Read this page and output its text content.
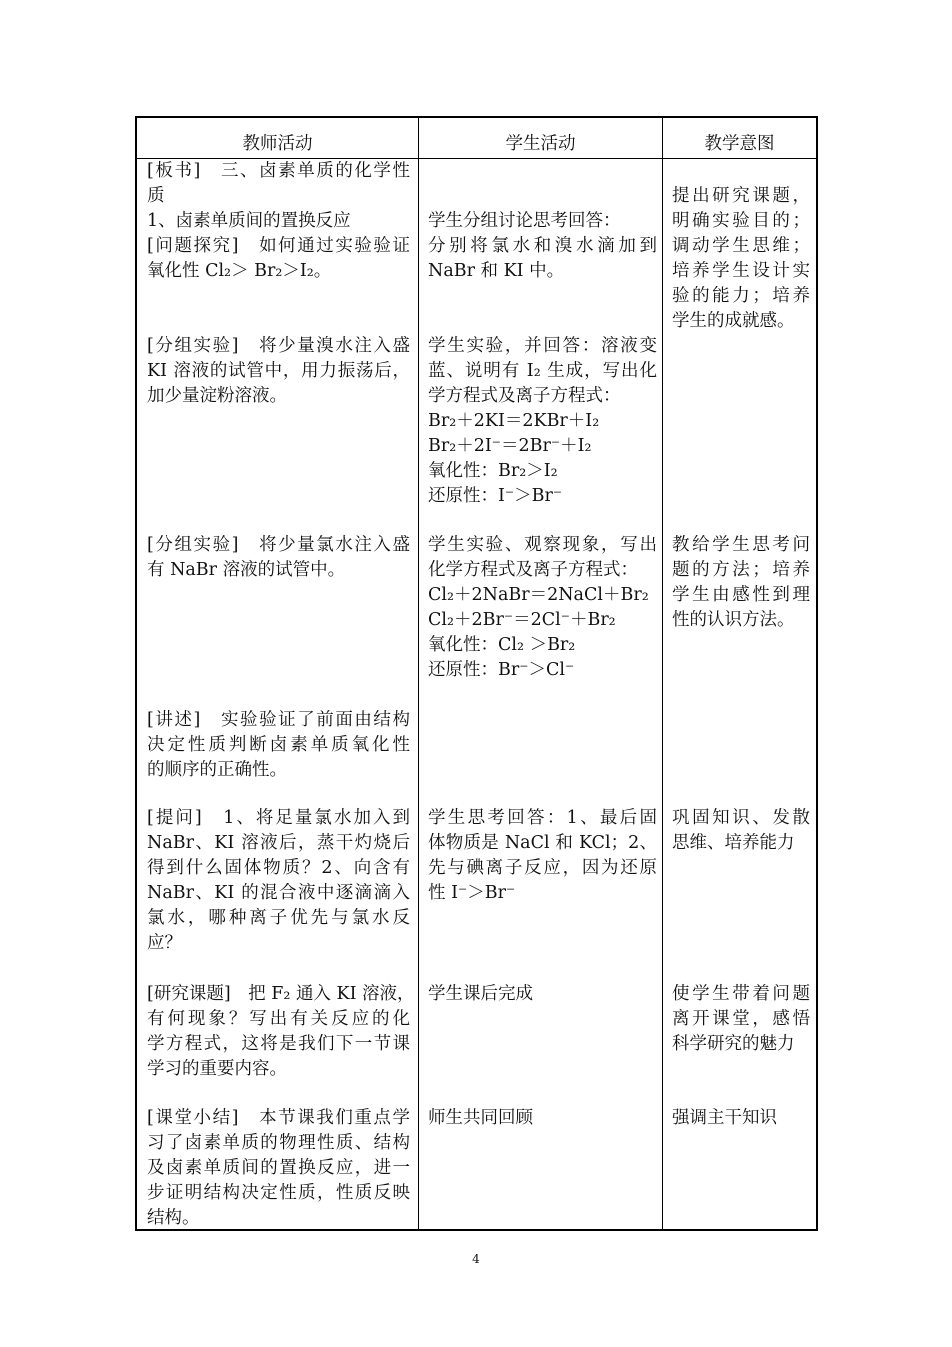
教师活动	学生活动	教学意图
[板书]　三、卤素单质的化学性
质
1、卤素单质间的置换反应
[问题探究]　如何通过实验验证
氧化性 Cl₂＞ Br₂＞I₂。
[分组实验]　将少量溴水注入盛
KI 溶液的试管中，用力振荡后，
加少量淀粉溶液。
[分组实验]　将少量氯水注入盛
有 NaBr 溶液的试管中。
[讲述]　实验验证了前面由结构
决定性质判断卤素单质氧化性
的顺序的正确性。
[提问]　1、将足量氯水加入到
NaBr、KI 溶液后，蒸干灼烧后
得到什么固体物质？2、向含有
NaBr、KI 的混合液中逐滴滴入
氯水，哪种离子优先与氯水反
应？
[研究课题]　把 F₂ 通入 KI 溶液，
有何现象？写出有关反应的化
学方程式，这将是我们下一节课
学习的重要内容。
[课堂小结]　本节课我们重点学
习了卤素单质的物理性质、结构
及卤素单质间的置换反应，进一
步证明结构决定性质，性质反映
结构。
学生分组讨论思考回答：
分别将氯水和溴水滴加到
NaBr 和 KI 中。
学生实验，并回答：溶液变
蓝、说明有 I₂ 生成，写出化
学方程式及离子方程式：
Br₂＋2KI＝2KBr＋I₂
Br₂＋2I⁻＝2Br⁻＋I₂
氧化性：Br₂＞I₂
还原性：I⁻＞Br⁻
学生实验、观察现象，写出
化学方程式及离子方程式：
Cl₂＋2NaBr＝2NaCl＋Br₂
Cl₂＋2Br⁻＝2Cl⁻＋Br₂
氧化性：Cl₂ ＞Br₂
还原性：Br⁻＞Cl⁻
学生思考回答：1、最后固
体物质是 NaCl 和 KCl；2、
先与碘离子反应，因为还原
性 I⁻＞Br⁻
学生课后完成
师生共同回顾
提出研究课题，
明确实验目的；
调动学生思维；
培养学生设计实
验的能力；培养
学生的成就感。
教给学生思考问
题的方法；培养
学生由感性到理
性的认识方法。
巩固知识、发散
思维、培养能力
使学生带着问题
离开课堂，感悟
科学研究的魅力
强调主干知识
4
